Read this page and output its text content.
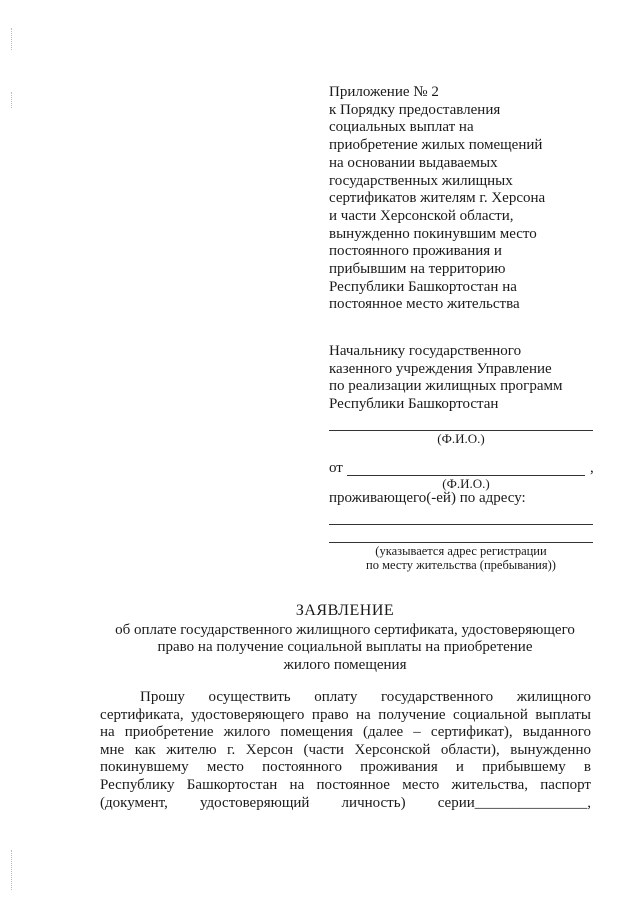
Приложение № 2
к Порядку предоставления
социальных выплат на
приобретение жилых помещений
на основании выдаваемых
государственных жилищных
сертификатов жителям г. Херсона
и части Херсонской области,
вынужденно покинувшим место
постоянного проживания и
прибывшим на территорию
Республики Башкортостан на
постоянное место жительства
Начальнику государственного
казенного учреждения Управление
по реализации жилищных программ
Республики Башкортостан
(Ф.И.О.)
от	,
(Ф.И.О.)
проживающего(-ей) по адресу:
(указывается адрес регистрации
по месту жительства (пребывания))
ЗАЯВЛЕНИЕ
об оплате государственного жилищного сертификата, удостоверяющего
право на получение социальной выплаты на приобретение
жилого помещения
Прошу осуществить оплату государственного жилищного
сертификата, удостоверяющего право на получение социальной выплаты
на приобретение жилого помещения (далее – сертификат), выданного
мне как жителю г. Херсон (части Херсонской области), вынужденно
покинувшему место постоянного проживания и прибывшему в
Республику Башкортостан на постоянное место жительства, паспорт
(документ, удостоверяющий личность) серии_______________,
